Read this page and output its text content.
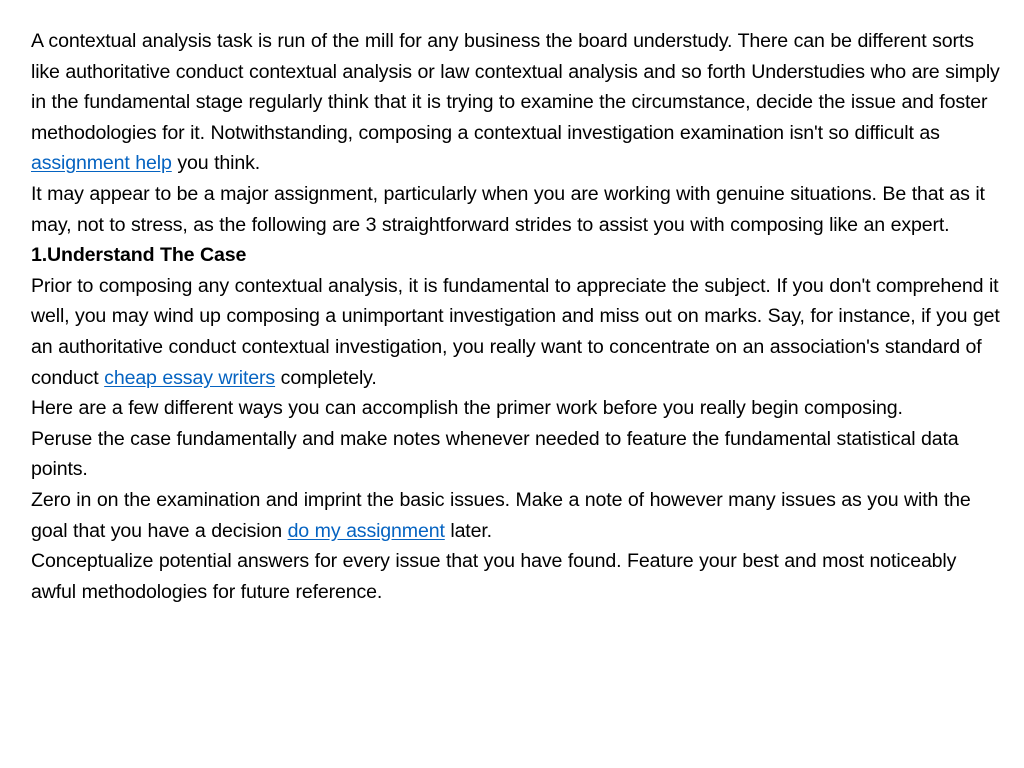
A contextual analysis task is run of the mill for any business the board understudy. There can be different sorts like authoritative conduct contextual analysis or law contextual analysis and so forth Understudies who are simply in the fundamental stage regularly think that it is trying to examine the circumstance, decide the issue and foster methodologies for it. Notwithstanding, composing a contextual investigation examination isn't so difficult as assignment help you think.

It may appear to be a major assignment, particularly when you are working with genuine situations. Be that as it may, not to stress, as the following are 3 straightforward strides to assist you with composing like an expert.

1.Understand The Case

Prior to composing any contextual analysis, it is fundamental to appreciate the subject. If you don't comprehend it well, you may wind up composing a unimportant investigation and miss out on marks. Say, for instance, if you get an authoritative conduct contextual investigation, you really want to concentrate on an association's standard of conduct cheap essay writers completely.

Here are a few different ways you can accomplish the primer work before you really begin composing.

Peruse the case fundamentally and make notes whenever needed to feature the fundamental statistical data points.

Zero in on the examination and imprint the basic issues. Make a note of however many issues as you with the goal that you have a decision do my assignment later.

Conceptualize potential answers for every issue that you have found. Feature your best and most noticeably awful methodologies for future reference.
